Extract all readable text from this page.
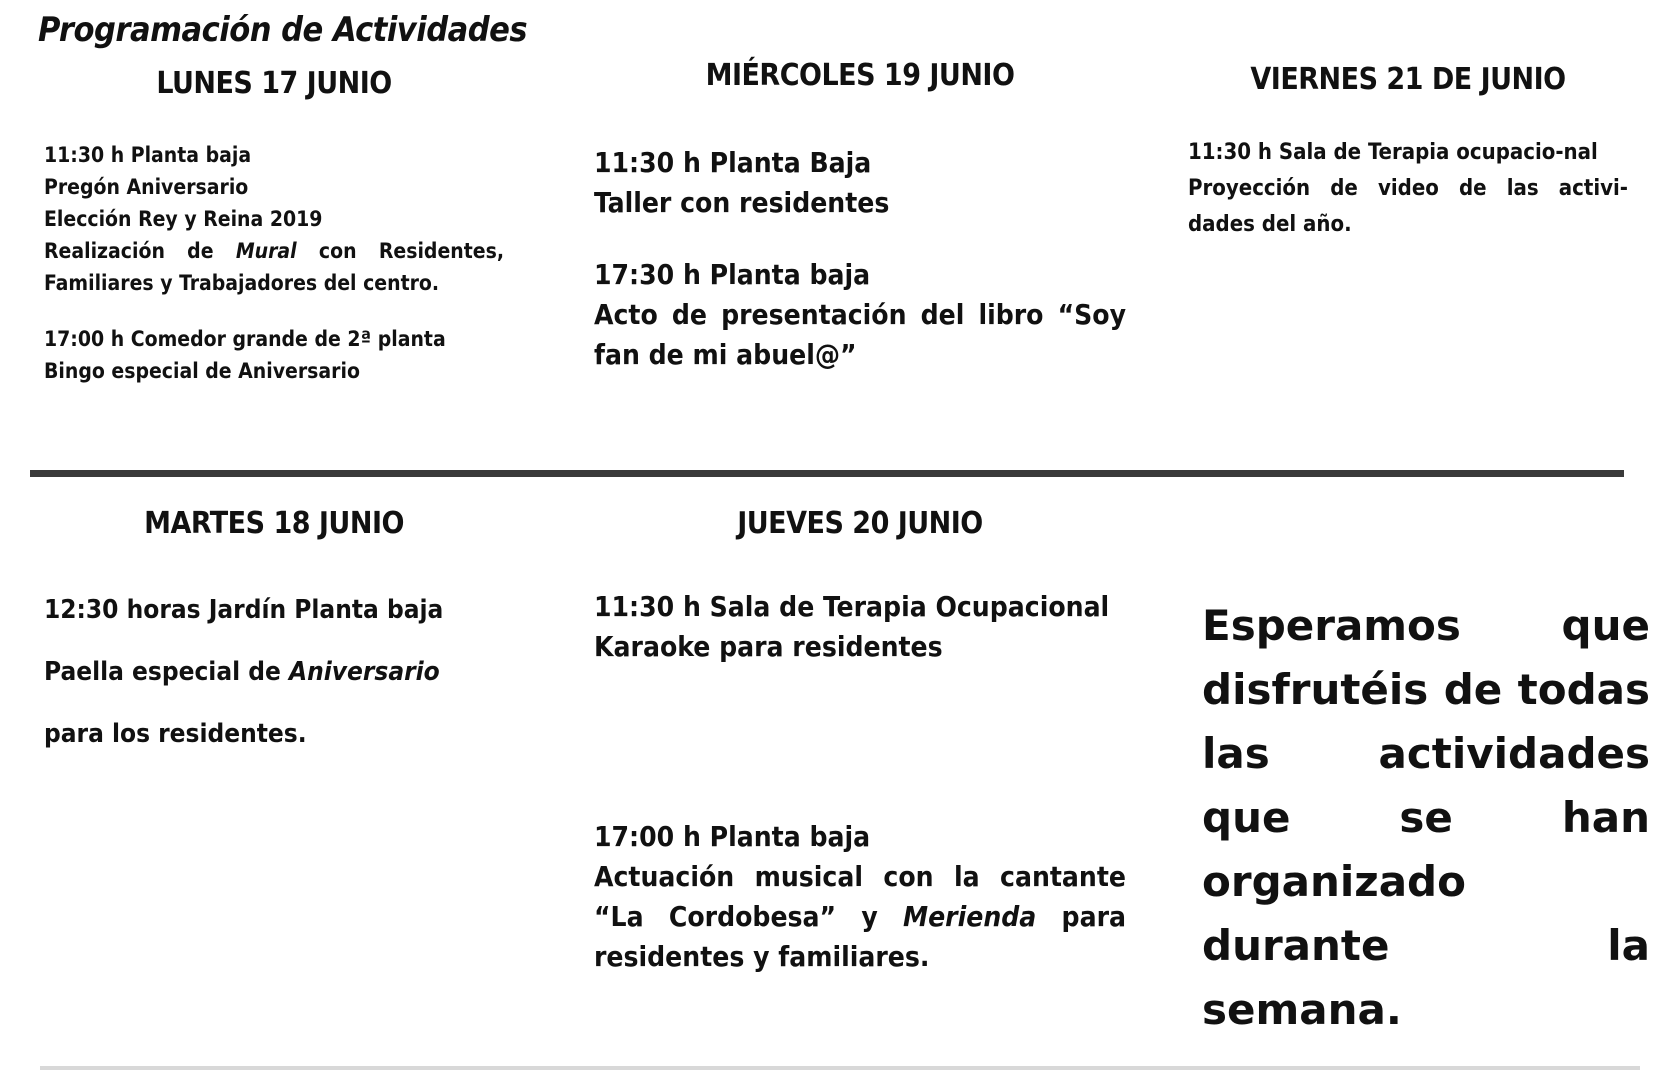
Programación de Actividades
LUNES 17 JUNIO

11:30 h Planta baja

Pregón Aniversario

Elección Rey y Reina 2019

Realización de Mural con Residentes, Familiares y Trabajadores del centro.

17:00 h Comedor grande de 2ª planta

Bingo especial de Aniversario

MIÉRCOLES 19 JUNIO

11:30 h Planta Baja

Taller con residentes

17:30 h Planta baja

Acto de presentación del libro “Soy fan de mi abuel@”

VIERNES 21 DE JUNIO

11:30 h Sala de Terapia ocupacio-nal

Proyección de video de las activi-dades del año.

MARTES 18 JUNIO

12:30 horas Jardín Planta baja

Paella especial de Aniversario para los residentes.

JUEVES 20 JUNIO

11:30 h Sala de Terapia Ocupacional

Karaoke para residentes

17:00 h Planta baja

Actuación musical con la cantante “La Cordobesa” y Merienda para residentes y familiares.

Esperamos que disfrutéis de todas las actividades que se han organizado durante la semana.
